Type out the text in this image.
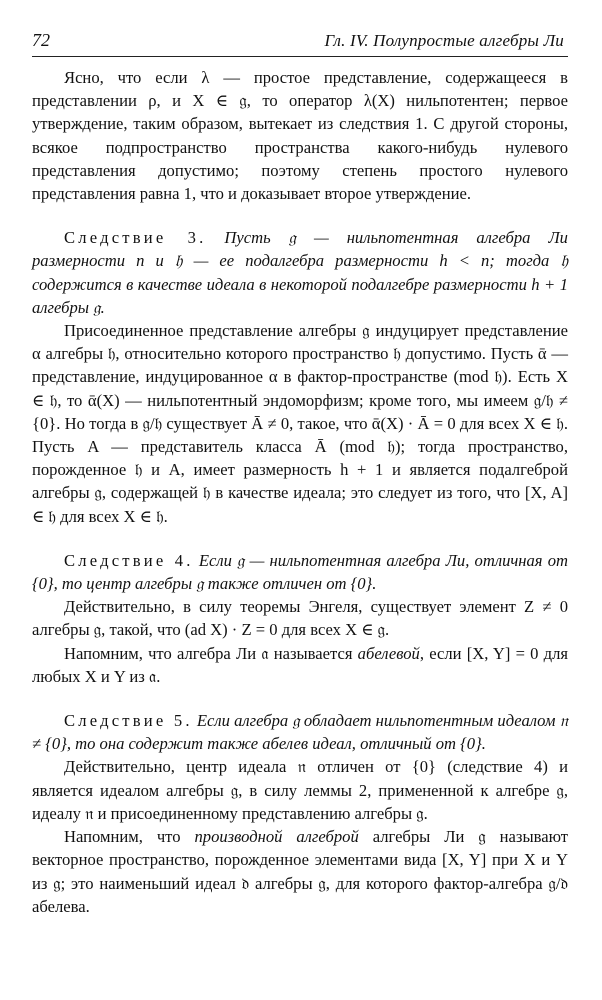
72	Гл. IV. Полупростые алгебры Ли

Ясно, что если λ — простое представление, содержащееся в представлении ρ, и X ∈ 𝔤, то оператор λ(X) нильпотентен; первое утверждение, таким образом, вытекает из следствия 1. С другой стороны, всякое подпространство пространства какого-нибудь нулевого представления допустимо; поэтому степень простого нулевого представления равна 1, что и доказывает второе утверждение.

Следствие 3. Пусть 𝔤 — нильпотентная алгебра Ли размерности n и 𝔥 — ее подалгебра размерности h < n; тогда 𝔥 содержится в качестве идеала в некоторой подалгебре размерности h + 1 алгебры 𝔤.

Присоединенное представление алгебры 𝔤 индуцирует представление α алгебры 𝔥, относительно которого пространство 𝔥 допустимо. Пусть ᾱ — представление, индуцированное α в фактор-пространстве (mod 𝔥). Есть X ∈ 𝔥, то ᾱ(X) — нильпотентный эндоморфизм; кроме того, мы имеем 𝔤/𝔥 ≠ {0}. Но тогда в 𝔤/𝔥 существует Ā ≠ 0, такое, что ᾱ(X) · Ā = 0 для всех X ∈ 𝔥. Пусть A — представитель класса Ā (mod 𝔥); тогда пространство, порожденное 𝔥 и A, имеет размерность h + 1 и является подалгеброй алгебры 𝔤, содержащей 𝔥 в качестве идеала; это следует из того, что [X, A] ∈ 𝔥 для всех X ∈ 𝔥.

Следствие 4. Если 𝔤 — нильпотентная алгебра Ли, отличная от {0}, то центр алгебры 𝔤 также отличен от {0}.

Действительно, в силу теоремы Энгеля, существует элемент Z ≠ 0 алгебры 𝔤, такой, что (ad X) · Z = 0 для всех X ∈ 𝔤.

Напомним, что алгебра Ли 𝔞 называется абелевой, если [X, Y] = 0 для любых X и Y из 𝔞.

Следствие 5. Если алгебра 𝔤 обладает нильпотентным идеалом 𝔫 ≠ {0}, то она содержит также абелев идеал, отличный от {0}.

Действительно, центр идеала 𝔫 отличен от {0} (следствие 4) и является идеалом алгебры 𝔤, в силу леммы 2, примененной к алгебре 𝔤, идеалу 𝔫 и присоединенному представлению алгебры 𝔤.

Напомним, что производной алгеброй алгебры Ли 𝔤 называют векторное пространство, порожденное элементами вида [X, Y] при X и Y из 𝔤; это наименьший идеал 𝔡 алгебры 𝔤, для которого фактор-алгебра 𝔤/𝔡 абелева.
